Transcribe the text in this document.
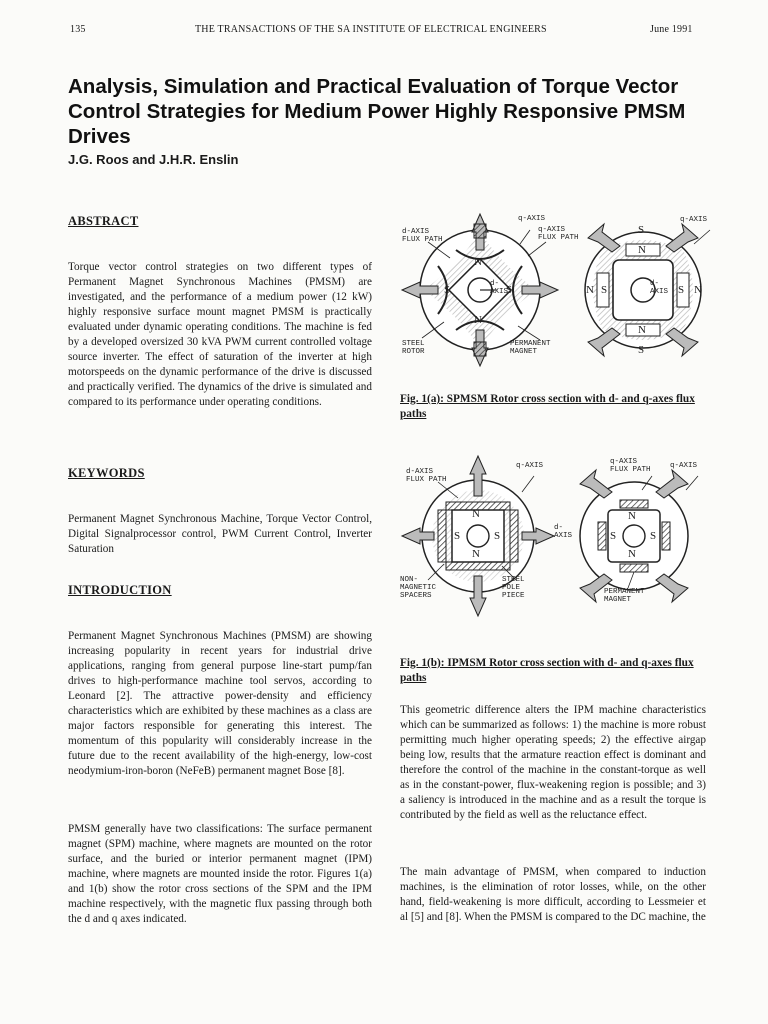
135	THE TRANSACTIONS OF THE SA INSTITUTE OF ELECTRICAL ENGINEERS	June 1991
Analysis, Simulation and Practical Evaluation of Torque Vector Control Strategies for Medium Power Highly Responsive PMSM Drives

J.G. Roos and J.H.R. Enslin

ABSTRACT

Torque vector control strategies on two different types of Permanent Magnet Synchronous Machines (PMSM) are investigated, and the performance of a medium power (12 kW) highly responsive surface mount magnet PMSM is practically evaluated under dynamic operating conditions. The machine is fed by a developed oversized 30 kVA PWM current controlled voltage source inverter. The effect of saturation of the inverter at high motorspeeds on the dynamic performance of the drive is discussed and practically verified. The dynamics of the drive is simulated and compared to its performance under operating conditions.

KEYWORDS

Permanent Magnet Synchronous Machine, Torque Vector Control, Digital Signalprocessor control, PWM Current Control, Inverter Saturation

INTRODUCTION

Permanent Magnet Synchronous Machines (PMSM) are showing increasing popularity in recent years for industrial drive applications, ranging from general purpose line-start pump/fan drives to high-performance machine tool servos, according to Leonard [2]. The attractive power-density and efficiency characteristics which are exhibited by these machines as a class are major factors responsible for generating this interest. The momentum of this popularity will considerably increase in the future due to the recent availability of the high-energy, low-cost neodymium-iron-boron (NeFeB) permanent magnet Bose [8].

PMSM generally have two classifications: The surface permanent magnet (SPM) machine, where magnets are mounted on the rotor surface, and the buried or interior permanent magnet (IPM) machine, where magnets are mounted inside the rotor. Figures 1(a) and 1(b) show the rotor cross sections of the SPM and the IPM machine respectively, with the magnetic flux passing through both the d and q axes indicated.

d-AXIS
FLUX PATH
q-AXIS
q-AXIS
FLUX PATH
q-AXIS
d-
AXIS
d-
AXIS
STEEL
ROTOR
PERMANENT
MAGNET
N
N
S	S
S
N
N
S
N S	S N

Fig. 1(a): SPMSM Rotor cross section with d- and q-axes flux paths

d-AXIS
FLUX PATH
q-AXIS	q-AXIS
FLUX PATH	q-AXIS
d-
AXIS
NON-
MAGNETIC
SPACERS
STEEL
POLE
PIECE	PERMANENT
MAGNET
N
N
S	S
N
N
S	S

Fig. 1(b): IPMSM Rotor cross section with d- and q-axes flux paths

This geometric difference alters the IPM machine characteristics which can be summarized as follows: 1) the machine is more robust permitting much higher operating speeds; 2) the effective airgap being low, results that the armature reaction effect is dominant and therefore the control of the machine in the constant-torque as well as in the constant-power, flux-weakening region is possible; and 3) a saliency is introduced in the machine and as a result the torque is contributed by the field as well as the reluctance effect.

The main advantage of PMSM, when compared to induction machines, is the elimination of rotor losses, while, on the other hand, field-weakening is more difficult, according to Lessmeier et al [5] and [8]. When the PMSM is compared to the DC machine, the
